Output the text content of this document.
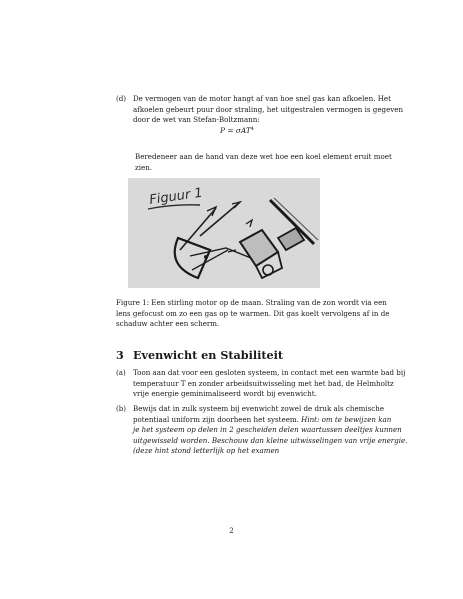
(d) De vermogen van de motor hangt af van hoe snel gas kan afkoelen. Het

afkoelen gebeurt puur door straling, het uitgestralen vermogen is gegeven

door de wet van Stefan-Boltzmann:

P = σAT$^4$

Beredeneer aan de hand van deze wet hoe een koel element eruit moet

zien.

Figuur 1

Figure 1: Een stirling motor op de maan. Straling van de zon wordt via een

lens gefocust om zo een gas op te warmen. Dit gas koelt vervolgens af in de

schaduw achter een scherm.

3 Evenwicht en Stabiliteit
(a) Toon aan dat voor een gesloten systeem, in contact met een warmte bad bij

temperatuur T en zonder arbeidsuitwisseling met het bad, de Helmholtz

vrije energie geminimaliseerd wordt bij evenwicht.

(b) Bewijs dat in zulk systeem bij evenwicht zowel de druk als chemische

potentiaal uniform zijn doorheen het systeem. Hint: om te bewijzen kan

je het systeem op delen in 2 gescheiden delen waartussen deeltjes kunnen

uitgewisseld worden. Beschouw dan kleine uitwisselingen van vrije energie.

(deze hint stond letterlijk op het examen

2
